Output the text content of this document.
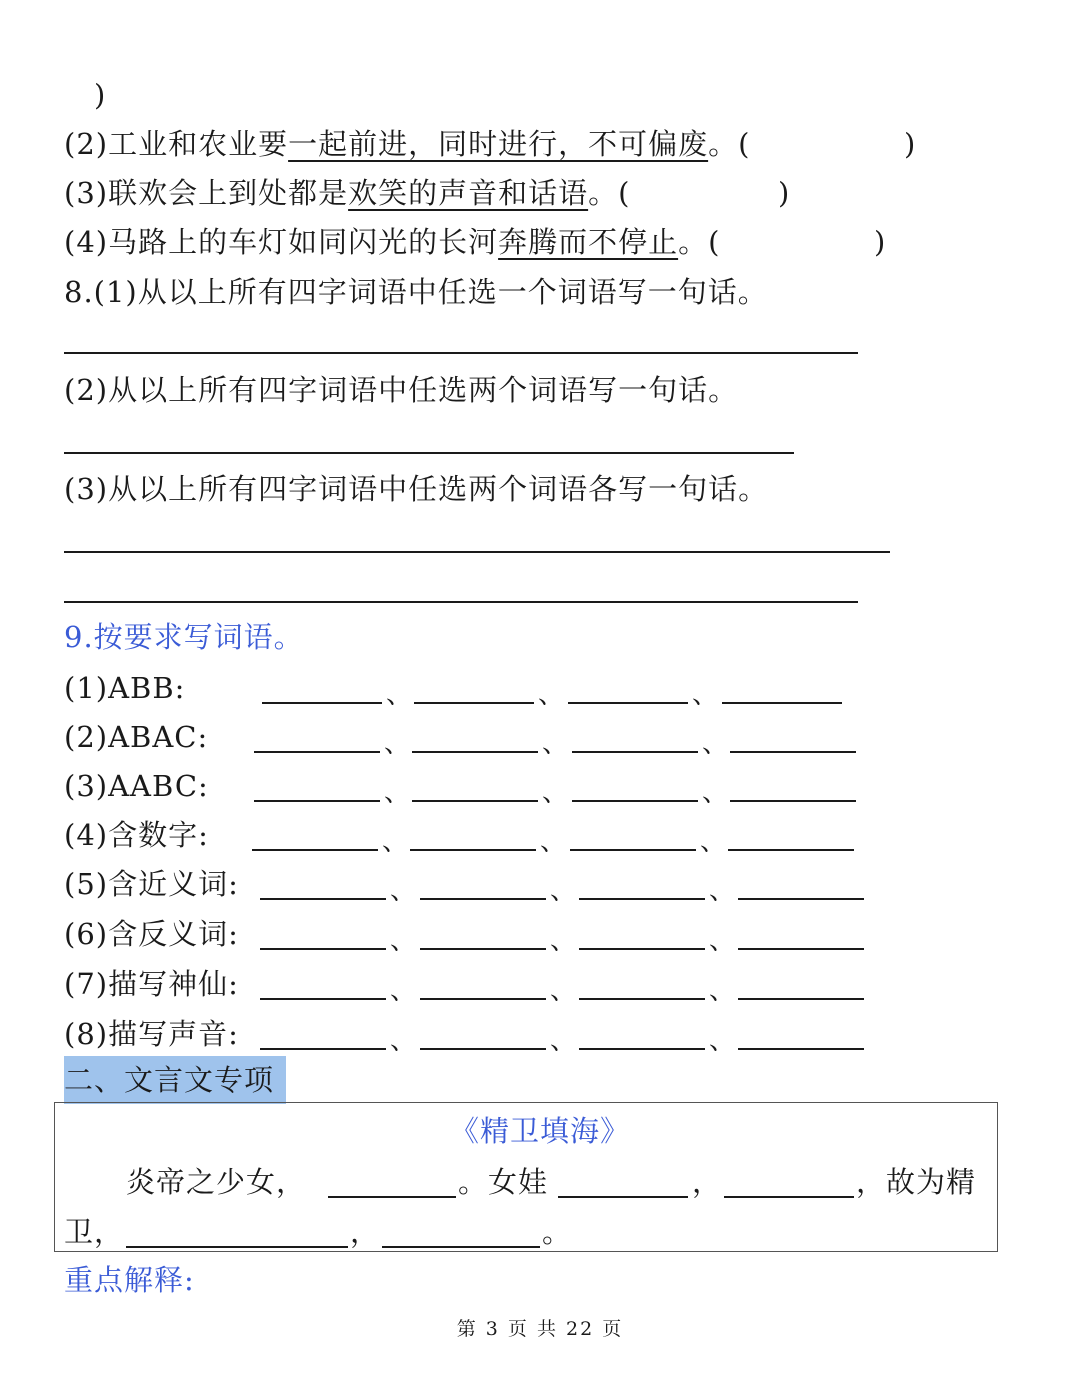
)
(2)工业和农业要一起前进，同时进行，不可偏废。(	)
(3)联欢会上到处都是欢笑的声音和话语。(	)
(4)马路上的车灯如同闪光的长河奔腾而不停止。(	)
8.(1)从以上所有四字词语中任选一个词语写一句话。
(2)从以上所有四字词语中任选两个词语写一句话。
(3)从以上所有四字词语中任选两个词语各写一句话。
9.按要求写词语。
(1)ABB:	、	、	、
(2)ABAC:	、	、	、
(3)AABC:	、	、	、
(4)含数字:	、	、	、
(5)含近义词:	、	、	、
(6)含反义词:	、	、	、
(7)描写神仙:	、	、	、
(8)描写声音:	、	、	、
二、文言文专项
《精卫填海》
炎帝之少女，	。女娃	，	，故为精
卫，	，	。
重点解释:
第 3 页 共 22 页
